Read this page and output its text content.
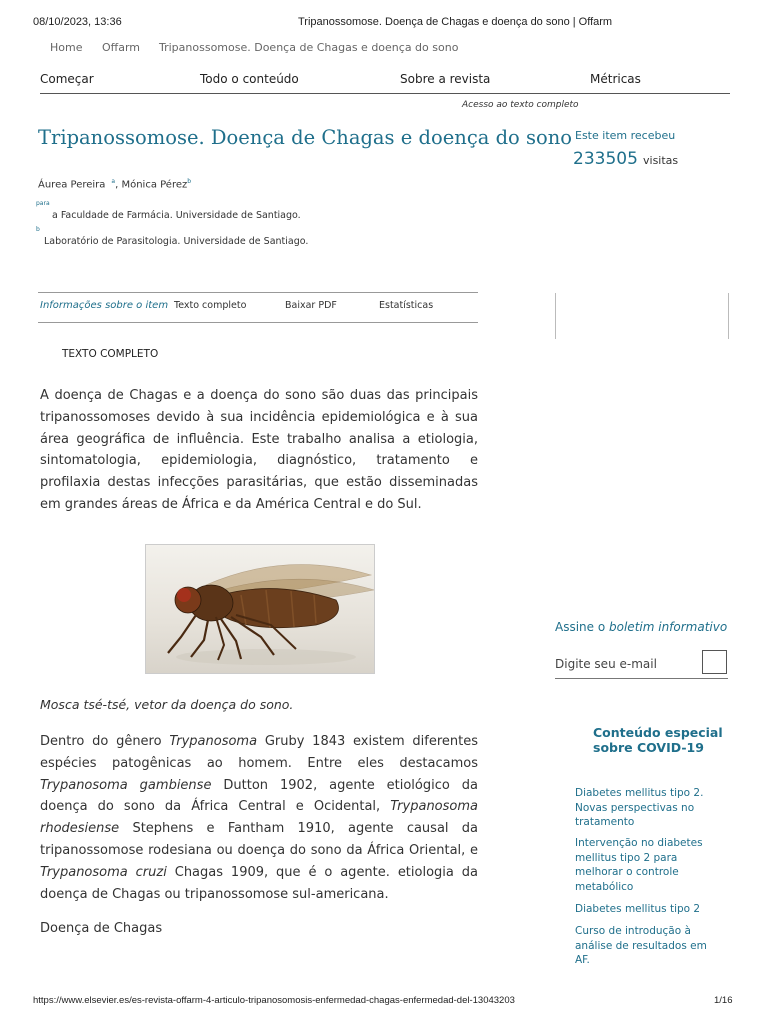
08/10/2023, 13:36	Tripanossomose. Doença de Chagas e doença do sono | Offarm
Home Offarm Tripanossomose. Doença de Chagas e doença do sono
Começar	Todo o conteúdo	Sobre a revista	Métricas
Acesso ao texto completo
Tripanossomose. Doença de Chagas e doença do sono
Áurea Pereira $^a$, Mónica Pérez$^b$
para
a Faculdade de Farmácia. Universidade de Santiago.
b
Laboratório de Parasitologia. Universidade de Santiago.
Informações sobre o item Texto completo	Baixar PDF	Estatísticas
Este item recebeu
233505 visitas
TEXTO COMPLETO
A doença de Chagas e a doença do sono são duas das principais tripanossomoses devido à sua incidência epidemiológica e à sua área geográfica de influência. Este trabalho analisa a etiologia, sintomatologia, epidemiologia, diagnóstico, tratamento e profilaxia destas infecções parasitárias, que estão disseminadas em grandes áreas de África e da América Central e do Sul.
Mosca tsé-tsé, vetor da doença do sono.
Dentro do gênero Trypanosoma Gruby 1843 existem diferentes espécies patogênicas ao homem. Entre eles destacamos Trypanosoma gambiense Dutton 1902, agente etiológico da doença do sono da África Central e Ocidental, Trypanosoma rhodesiense Stephens e Fantham 1910, agente causal da tripanossomose rodesiana ou doença do sono da África Oriental, e Trypanosoma cruzi Chagas 1909, que é o agente. etiologia da doença de Chagas ou tripanossomose sul-americana.
Doença de Chagas
Assine o boletim informativo
Digite seu e-mail
Conteúdo especial
sobre COVID-19
Diabetes mellitus tipo 2. Novas perspectivas no tratamento
Intervenção no diabetes mellitus tipo 2 para melhorar o controle metabólico
Diabetes mellitus tipo 2
Curso de introdução à análise de resultados em AF.
https://www.elsevier.es/es-revista-offarm-4-articulo-tripanosomosis-enfermedad-chagas-enfermedad-del-13043203	1/16
